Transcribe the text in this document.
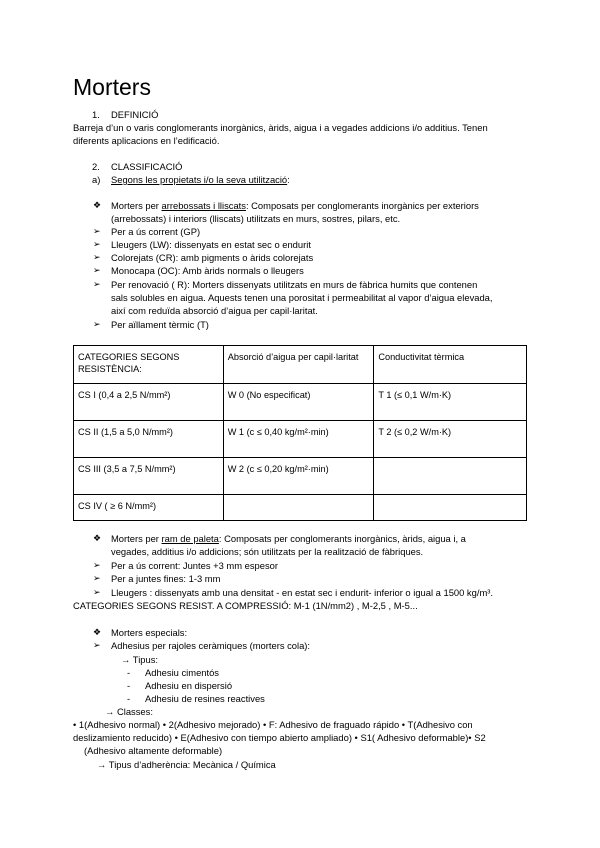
Morters
1. DEFINICIÓ
Barreja d’un o varis conglomerants inorgànics, àrids, aigua i a vegades addicions i/o additius. Tenen
diferents aplicacions en l’edificació.
2. CLASSIFICACIÓ
a) Segons les propietats i/o la seva utilització:
❖ Morters per arrebossats i lliscats: Composats per conglomerants inorgànics per exteriors
(arrebossats) i interiors (lliscats) utilitzats en murs, sostres, pilars, etc.
➢ Per a ús corrent (GP)
➢ Lleugers (LW): dissenyats en estat sec o endurit
➢ Colorejats (CR): amb pigments o àrids colorejats
➢ Monocapa (OC): Amb àrids normals o lleugers
➢ Per renovació ( R): Morters dissenyats utilitzats en murs de fàbrica humits que contenen
sals solubles en aigua. Aquests tenen una porositat i permeabilitat al vapor d’aigua elevada,
així com reduïda absorció d’aigua per capil·laritat.
➢ Per aïllament tèrmic (T)
CATEGORIES SEGONS RESISTÈNCIA:	Absorció d’aigua per capil·laritat	Conductivitat tèrmica
CS I (0,4 a 2,5 N/mm²)	W 0 (No especificat)	T 1 (≤ 0,1 W/m·K)
CS II (1,5 a 5,0 N/mm²)	W 1 (c ≤ 0,40 kg/m²·min)	T 2 (≤ 0,2 W/m·K)
CS III (3,5 a 7,5 N/mm²)	W 2 (c ≤ 0,20 kg/m²·min)	
CS IV ( ≥ 6 N/mm²)		
❖ Morters per ram de paleta: Composats per conglomerants inorgànics, àrids, aigua i, a
vegades, additius i/o addicions; són utilitzats per la realització de fàbriques.
➢ Per a ús corrent: Juntes +3 mm espesor
➢ Per a juntes fines: 1-3 mm
➢ Lleugers : dissenyats amb una densitat - en estat sec i endurit- inferior o igual a 1500 kg/m³.
CATEGORIES SEGONS RESIST. A COMPRESSIÓ: M-1 (1N/mm2) , M-2,5 , M-5...
❖ Morters especials:
➢ Adhesius per rajoles ceràmiques (morters cola):
→ Tipus:
- Adhesiu cimentós
- Adhesiu en dispersió
- Adhesiu de resines reactives
→ Classes:
• 1(Adhesivo normal) • 2(Adhesivo mejorado) • F: Adhesivo de fraguado rápido • T(Adhesivo con
deslizamiento reducido) • E(Adhesivo con tiempo abierto ampliado) • S1( Adhesivo deformable)• S2
(Adhesivo altamente deformable)
→ Tipus d’adherència: Mecànica / Química
